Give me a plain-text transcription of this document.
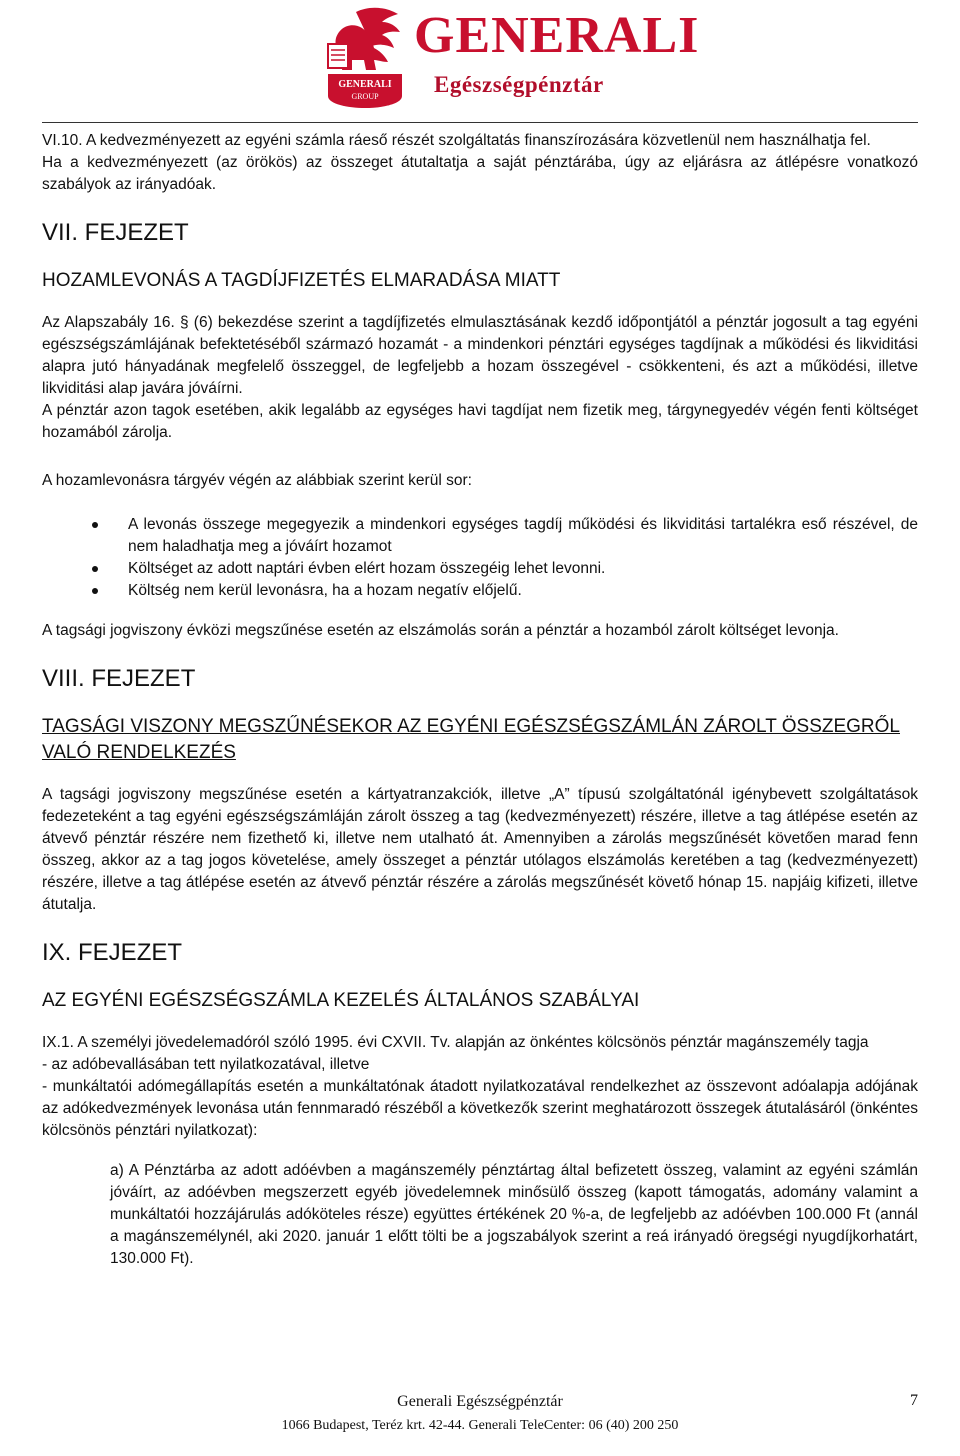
GENERALI
GROUP
GENERALI
Egészségpénztár

VI.10. A kedvezményezett az egyéni számla ráeső részét szolgáltatás finanszírozására közvetlenül nem használhatja fel.

Ha a kedvezményezett (az örökös) az összeget átutaltatja a saját pénztárába, úgy az eljárásra az átlépésre vonatkozó szabályok az irányadóak.

VII. FEJEZET
HOZAMLEVONÁS A TAGDÍJFIZETÉS ELMARADÁSA MIATT

Az Alapszabály 16. § (6) bekezdése szerint a tagdíjfizetés elmulasztásának kezdő időpontjától a pénztár jogosult a tag egyéni egészségszámlájának befektetéséből származó hozamát - a mindenkori pénztári egységes tagdíjnak a működési és likviditási alapra jutó hányadának megfelelő összeggel, de legfeljebb a hozam összegével - csökkenteni, és azt a működési, illetve likviditási alap javára jóváírni.

A pénztár azon tagok esetében, akik legalább az egységes havi tagdíjat nem fizetik meg, tárgynegyedév végén fenti költséget hozamából zárolja.

A hozamlevonásra tárgyév végén az alábbiak szerint kerül sor:

A levonás összege megegyezik a mindenkori egységes tagdíj működési és likviditási tartalékra eső részével, de nem haladhatja meg a jóváírt hozamot
Költséget az adott naptári évben elért hozam összegéig lehet levonni.
Költség nem kerül levonásra, ha a hozam negatív előjelű.

A tagsági jogviszony évközi megszűnése esetén az elszámolás során a pénztár a hozamból zárolt költséget levonja.

VIII. FEJEZET
TAGSÁGI VISZONY MEGSZŰNÉSEKOR AZ EGYÉNI EGÉSZSÉGSZÁMLÁN ZÁROLT ÖSSZEGRŐL VALÓ RENDELKEZÉS

A tagsági jogviszony megszűnése esetén a kártyatranzakciók, illetve „A” típusú szolgáltatónál igénybevett szolgáltatások fedezeteként a tag egyéni egészségszámláján zárolt összeg a tag (kedvezményezett) részére, illetve a tag átlépése esetén az átvevő pénztár részére nem fizethető ki, illetve nem utalható át. Amennyiben a zárolás megszűnését követően marad fenn összeg, akkor az a tag jogos követelése, amely összeget a pénztár utólagos elszámolás keretében a tag (kedvezményezett) részére, illetve a tag átlépése esetén az átvevő pénztár részére a zárolás megszűnését követő hónap 15. napjáig kifizeti, illetve átutalja.

IX. FEJEZET
AZ EGYÉNI EGÉSZSÉGSZÁMLA KEZELÉS ÁLTALÁNOS SZABÁLYAI

IX.1. A személyi jövedelemadóról szóló 1995. évi CXVII. Tv. alapján az önkéntes kölcsönös pénztár magánszemély tagja

- az adóbevallásában tett nyilatkozatával, illetve

- munkáltatói adómegállapítás esetén a munkáltatónak átadott nyilatkozatával rendelkezhet az összevont adóalapja adójának az adókedvezmények levonása után fennmaradó részéből a következők szerint meghatározott összegek átutalásáról (önkéntes kölcsönös pénztári nyilatkozat):

a) A Pénztárba az adott adóévben a magánszemély pénztártag által befizetett összeg, valamint az egyéni számlán jóváírt, az adóévben megszerzett egyéb jövedelemnek minősülő összeg (kapott támogatás, adomány valamint a munkáltatói hozzájárulás adóköteles része) együttes értékének 20 %-a, de legfeljebb az adóévben 100.000 Ft (annál a magánszemélynél, aki 2020. január 1 előtt tölti be a jogszabályok szerint a reá irányadó öregségi nyugdíjkorhatárt, 130.000 Ft).

Generali Egészségpénztár
1066 Budapest, Teréz krt. 42-44. Generali TeleCenter: 06 (40) 200 250
7
